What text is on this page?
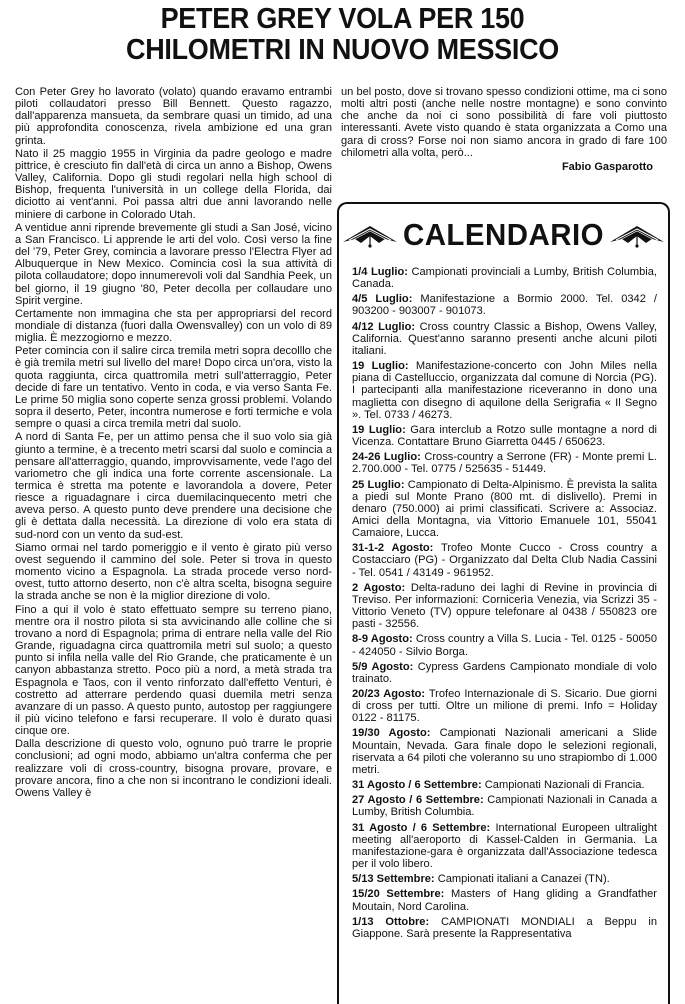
PETER GREY VOLA PER 150
CHILOMETRI IN NUOVO MESSICO

Con Peter Grey ho lavorato (volato) quando eravamo entrambi piloti collaudatori presso Bill Bennett. Questo ragazzo, dall'apparenza mansueta, da sembrare quasi un timido, ad una più approfondita conoscenza, rivela ambizione ed una gran grinta.

Nato il 25 maggio 1955 in Virginia da padre geologo e madre pittrice, è cresciuto fin dall'età di circa un anno a Bishop, Owens Valley, California. Dopo gli studi regolari nella high school di Bishop, frequenta l'università in un college della Florida, dai diciotto ai vent'anni. Poi passa altri due anni lavorando nelle miniere di carbone in Colorado Utah.

A ventidue anni riprende brevemente gli studi a San José, vicino a San Francisco. Li apprende le arti del volo. Così verso la fine del '79, Peter Grey, comincia a lavorare presso l'Electra Flyer ad Albuquerque in New Mexico. Comincia così la sua attività di pilota collaudatore; dopo innumerevoli voli dal Sandhia Peek, un bel giorno, il 19 giugno '80, Peter decolla per collaudare uno Spirit vergine.

Certamente non immagina che sta per appropriarsi del record mondiale di distanza (fuori dalla Owensvalley) con un volo di 89 miglia. È mezzogiorno e mezzo.

Peter comincia con il salire circa tremila metri sopra decolllo che è già tremila metri sul livello del mare! Dopo circa un'ora, visto la quota raggiunta, circa quattromila metri sull'atterraggio, Peter decide di fare un tentativo. Vento in coda, e via verso Santa Fe. Le prime 50 miglia sono coperte senza grossi problemi. Volando sopra il deserto, Peter, incontra numerose e forti termiche e vola sempre o quasi a circa tremila metri dal suolo.

A nord di Santa Fe, per un attimo pensa che il suo volo sia già giunto a termine, è a trecento metri scarsi dal suolo e comincia a pensare all'atterraggio, quando, improvvisamente, vede l'ago del variometro che gli indica una forte corrente ascensionale. La termica è stretta ma potente e lavorandola a dovere, Peter riesce a riguadagnare i circa duemilacinquecento metri che aveva perso. A questo punto deve prendere una decisione che gli è dettata dalla necessità. La direzione di volo era stata di sud-nord con un vento da sud-est.

Siamo ormai nel tardo pomeriggio e il vento è girato più verso ovest seguendo il cammino del sole. Peter si trova in questo momento vicino a Espagnola. La strada procede verso nord-ovest, tutto attorno deserto, non c'è altra scelta, bisogna seguire la strada anche se non è la miglior direzione di volo.

Fino a qui il volo è stato effettuato sempre su terreno piano, mentre ora il nostro pilota si sta avvicinando alle colline che si trovano a nord di Espagnola; prima di entrare nella valle del Rio Grande, riguadagna circa quattromila metri sul suolo; a questo punto si infila nella valle del Rio Grande, che praticamente è un canyon abbastanza stretto. Poco più a nord, a metà strada tra Espagnola e Taos, con il vento rinforzato dall'effetto Venturi, è costretto ad atterrare perdendo quasi duemila metri senza avanzare di un passo. A questo punto, autostop per raggiungere il più vicino telefono e farsi recuperare. Il volo è durato quasi cinque ore.

Dalla descrizione di questo volo, ognuno può trarre le proprie conclusioni; ad ogni modo, abbiamo un'altra conferma che per realizzare voli di cross-country, bisogna provare, provare, e provare ancora, fino a che non si incontrano le condizioni ideali. Owens Valley è

un bel posto, dove si trovano spesso condizioni ottime, ma ci sono molti altri posti (anche nelle nostre montagne) e sono convinto che anche da noi ci sono possibilità di fare voli piuttosto interessanti. Avete visto quando è stata organizzata a Como una gara di cross? Forse noi non siamo ancora in grado di fare 100 chilometri alla volta, però...

Fabio Gasparotto
CALENDARIO
1/4 Luglio: Campionati provinciali a Lumby, British Columbia, Canada.
4/5 Luglio: Manifestazione a Bormio 2000. Tel. 0342 / 903200 - 903007 - 901073.
4/12 Luglio: Cross country Classic a Bishop, Owens Valley, California. Quest'anno saranno presenti anche alcuni piloti italiani.
19 Luglio: Manifestazione-concerto con John Miles nella piana di Castelluccio, organizzata dal comune di Norcia (PG). I partecipanti alla manifestazione riceveranno in dono una maglietta con disegno di aquilone della Serigrafia « Il Segno ». Tel. 0733 / 46273.
19 Luglio: Gara interclub a Rotzo sulle montagne a nord di Vicenza. Contattare Bruno Giarretta 0445 / 650623.
24-26 Luglio: Cross-country a Serrone (FR) - Monte premi L. 2.700.000 - Tel. 0775 / 525635 - 51449.
25 Luglio: Campionato di Delta-Alpinismo. È prevista la salita a piedi sul Monte Prano (800 mt. di dislivello). Premi in denaro (750.000) ai primi classificati. Scrivere a: Associaz. Amici della Montagna, via Vittorio Emanuele 101, 55041 Camaiore, Lucca.
31-1-2 Agosto: Trofeo Monte Cucco - Cross country a Costacciaro (PG) - Organizzato dal Delta Club Nadia Cassini - Tel. 0541 / 43149 - 961952.
2 Agosto: Delta-raduno dei laghi di Revine in provincia di Treviso. Per informazioni: Cornicerìa Venezia, via Scrizzi 35 - Vittorio Veneto (TV) oppure telefonare al 0438 / 550823 ore pasti - 32556.
8-9 Agosto: Cross country a Villa S. Lucia - Tel. 0125 - 50050 - 424050 - Silvio Borga.
5/9 Agosto: Cypress Gardens Campionato mondiale di volo trainato.
20/23 Agosto: Trofeo Internazionale di S. Sicario. Due giorni di cross per tutti. Oltre un milione di premi. Info = Holiday 0122 - 81175.
19/30 Agosto: Campionati Nazionali americani a Slide Mountain, Nevada. Gara finale dopo le selezioni regionali, riservata a 64 piloti che voleranno su uno strapiombo di 1.000 metri.
31 Agosto / 6 Settembre: Campionati Nazionali di Francia.
27 Agosto / 6 Settembre: Campionati Nazionali in Canada a Lumby, British Columbia.
31 Agosto / 6 Settembre: International Europeen ultralight meeting all'aeroporto di Kassel-Calden in Germania. La manifestazione-gara è organizzata dall'Associazione tedesca per il volo libero.
5/13 Settembre: Campionati italiani a Canazei (TN).
15/20 Settembre: Masters of Hang gliding a Grandfather Moutain, Nord Carolina.
1/13 Ottobre: CAMPIONATI MONDIALI a Beppu in Giappone. Sarà presente la Rappresentativa
